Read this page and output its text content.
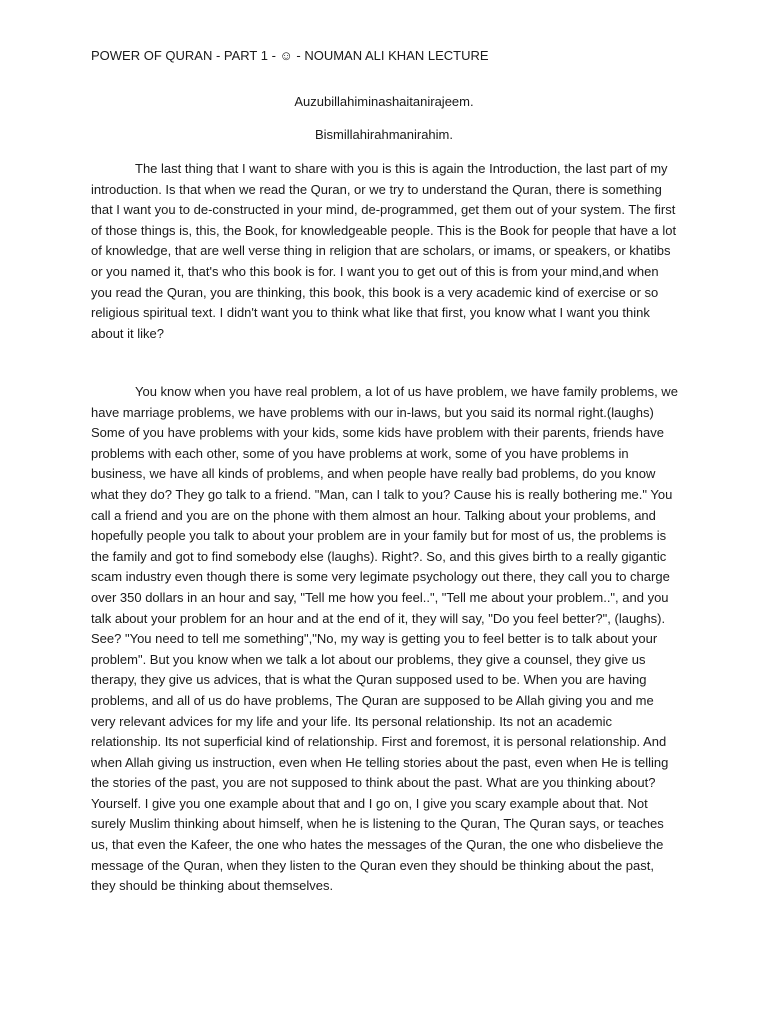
POWER OF QURAN - PART 1 - ☺ - NOUMAN ALI KHAN LECTURE
Auzubillahiminashaitanirajeem.
Bismillahirahmanirahim.

The last thing that I want to share with you is this is again the Introduction, the last part of my introduction. Is that when we read the Quran, or we try to understand the Quran, there is something that I want you to de-constructed in your mind, de-programmed, get them out of your system. The first of those things is, this, the Book, for knowledgeable people. This is the Book for people that have a lot of knowledge, that are well verse thing in religion that are scholars, or imams, or speakers, or khatibs or you named it, that's who this book is for. I want you to get out of this is from your mind,and when you read the Quran, you are thinking, this book, this book is a very academic kind of exercise or so religious spiritual text. I didn't want you to think what like that first, you know what I want you think about it like?

You know when you have real problem, a lot of us have problem, we have family problems, we have marriage problems, we have problems with our in-laws, but you said its normal right.(laughs) Some of you have problems with your kids, some kids have problem with their parents, friends have problems with each other, some of you have problems at work, some of you have problems in business, we have all kinds of problems, and when people have really bad problems, do you know what they do? They go talk to a friend. "Man, can I talk to you? Cause his is really bothering me." You call a friend and you are on the phone with them almost an hour. Talking about your problems, and hopefully people you talk to about your problem are in your family but for most of us, the problems is the family and got to find somebody else (laughs). Right?. So, and this gives birth to a really gigantic scam industry even though there is some very legimate psychology out there, they call you to charge over 350 dollars in an hour and say, "Tell me how you feel..", "Tell me about your problem..", and you talk about your problem for an hour and at the end of it, they will say, "Do you feel better?", (laughs). See? "You need to tell me something","No, my way is getting you to feel better is to talk about your problem". But you know when we talk a lot about our problems, they give a counsel, they give us therapy, they give us advices, that is what the Quran supposed used to be. When you are having problems, and all of us do have problems, The Quran are supposed to be Allah giving you and me very relevant advices for my life and your life. Its personal relationship. Its not an academic relationship. Its not superficial kind of relationship. First and foremost, it is personal relationship. And when Allah giving us instruction, even when He telling stories about the past, even when He is telling the stories of the past, you are not supposed to think about the past. What are you thinking about? Yourself. I give you one example about that and I go on, I give you scary example about that. Not surely Muslim thinking about himself, when he is listening to the Quran, The Quran says, or teaches us, that even the Kafeer, the one who hates the messages of the Quran, the one who disbelieve the message of the Quran, when they listen to the Quran even they should be thinking about the past, they should be thinking about themselves.
